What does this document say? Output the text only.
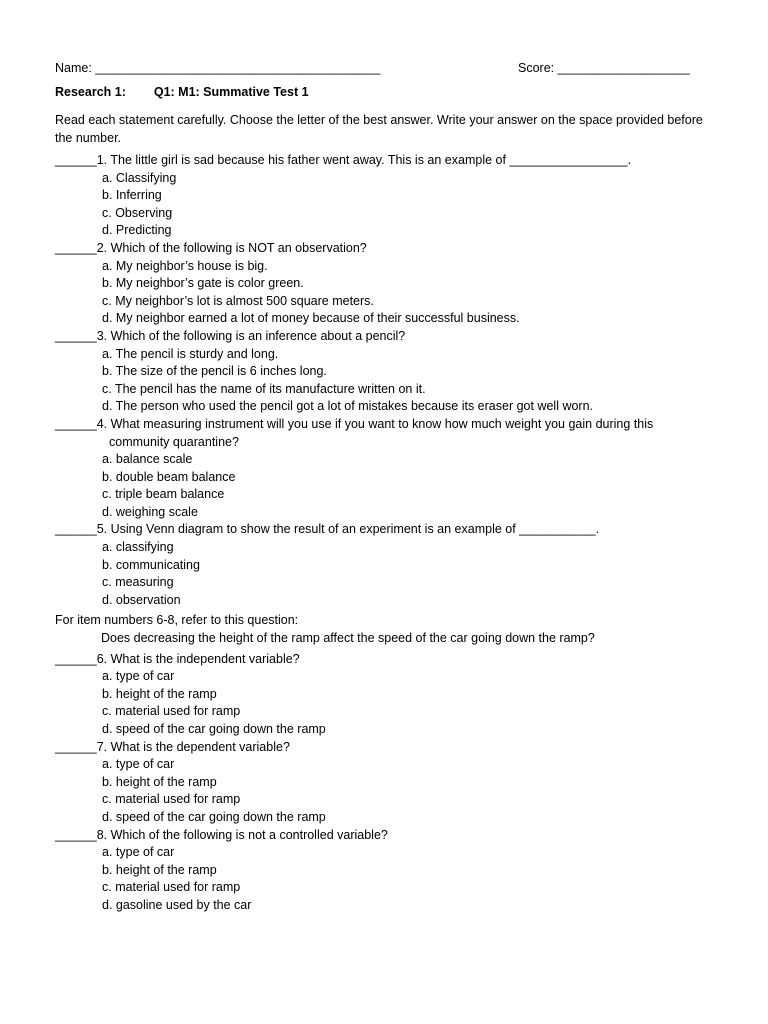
Name: _________________________________________	Score: ___________________
Research 1: Q1: M1: Summative Test 1
Read each statement carefully. Choose the letter of the best answer. Write your answer on the space provided before the number.
______1. The little girl is sad because his father went away. This is an example of _________________.
a. Classifying
b. Inferring
c. Observing
d. Predicting
______2. Which of the following is NOT an observation?
a. My neighbor’s house is big.
b. My neighbor’s gate is color green.
c. My neighbor’s lot is almost 500 square meters.
d. My neighbor earned a lot of money because of their successful business.
______3. Which of the following is an inference about a pencil?
a. The pencil is sturdy and long.
b. The size of the pencil is 6 inches long.
c. The pencil has the name of its manufacture written on it.
d. The person who used the pencil got a lot of mistakes because its eraser got well worn.
______4. What measuring instrument will you use if you want to know how much weight you gain during this
community quarantine?
a. balance scale
b. double beam balance
c. triple beam balance
d. weighing scale
______5. Using Venn diagram to show the result of an experiment is an example of ___________.
a. classifying
b. communicating
c. measuring
d. observation
For item numbers 6-8, refer to this question:
Does decreasing the height of the ramp affect the speed of the car going down the ramp?
______6. What is the independent variable?
a. type of car
b. height of the ramp
c. material used for ramp
d. speed of the car going down the ramp
______7. What is the dependent variable?
a. type of car
b. height of the ramp
c. material used for ramp
d. speed of the car going down the ramp
______8. Which of the following is not a controlled variable?
a. type of car
b. height of the ramp
c. material used for ramp
d. gasoline used by the car
